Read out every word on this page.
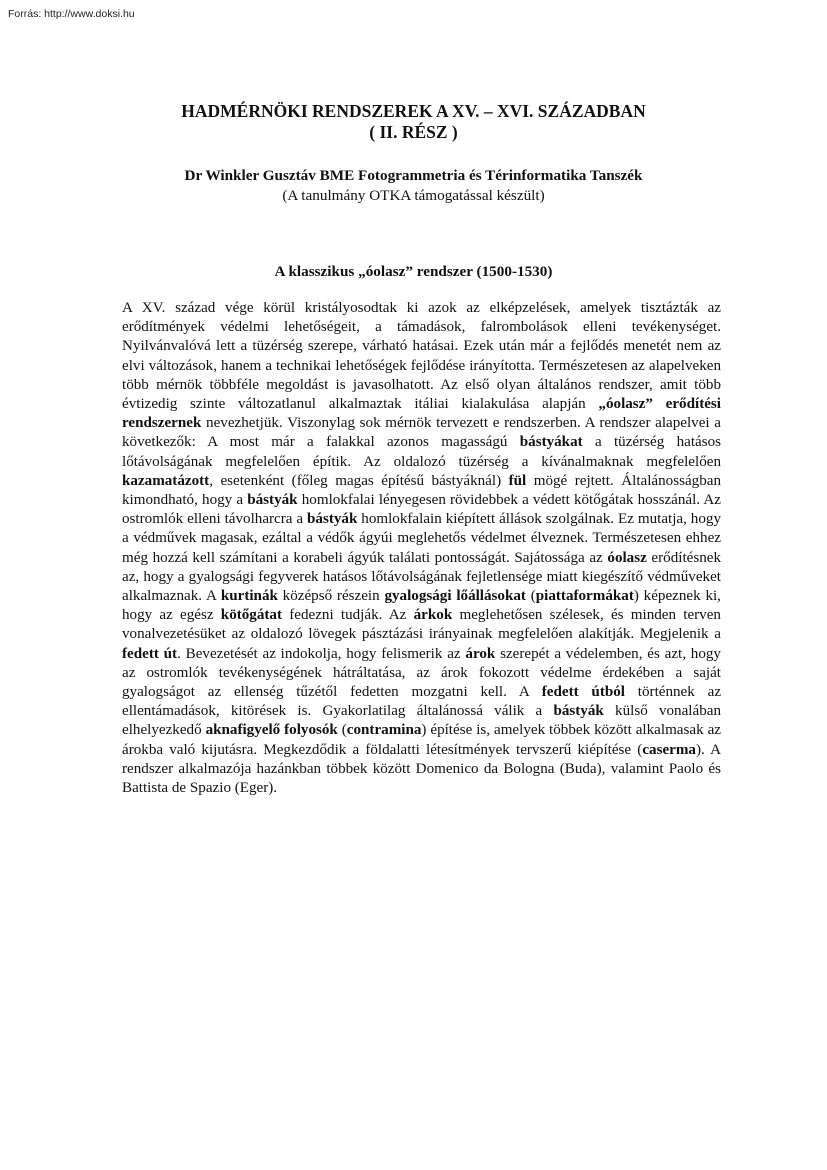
Forrás: http://www.doksi.hu
HADMÉRNÖKI RENDSZEREK A XV. – XVI. SZÁZADBAN
( II. RÉSZ )
Dr Winkler Gusztáv BME Fotogrammetria és Térinformatika Tanszék
(A tanulmány OTKA támogatással készült)
A klasszikus „óolasz” rendszer (1500-1530)

A XV. század vége körül kristályosodtak ki azok az elképzelések, amelyek tisztázták az erődítmények védelmi lehetőségeit, a támadások, falrombolások elleni tevékenységet. Nyilvánvalóvá lett a tüzérség szerepe, várható hatásai. Ezek után már a fejlődés menetét nem az elvi változások, hanem a technikai lehetőségek fejlődése irányította. Természetesen az alapelveken több mérnök többféle megoldást is javasolhatott. Az első olyan általános rendszer, amit több évtizedig szinte változatlanul alkalmaztak itáliai kialakulása alapján „óolasz” erődítési rendszernek nevezhetjük. Viszonylag sok mérnök tervezett e rendszerben. A rendszer alapelvei a következők: A most már a falakkal azonos magasságú bástyákat a tüzérség hatásos lőtávolságának megfelelően építik. Az oldalozó tüzérség a kívánalmaknak megfelelően kazamatázott, esetenként (főleg magas építésű bástyáknál) fül mögé rejtett. Általánosságban kimondható, hogy a bástyák homlokfalai lényegesen rövidebbek a védett kötőgátak hosszánál. Az ostromlók elleni távolharcra a bástyák homlokfalain kiépített állások szolgálnak. Ez mutatja, hogy a védművek magasak, ezáltal a védők ágyúi meglehetős védelmet élveznek. Természetesen ehhez még hozzá kell számítani a korabeli ágyúk találati pontosságát. Sajátossága az óolasz erődítésnek az, hogy a gyalogsági fegyverek hatásos lőtávolságának fejletlensége miatt kiegészítő védműveket alkalmaznak. A kurtinák középső részein gyalogsági lőállásokat (piattaformákat) képeznek ki, hogy az egész kötőgátat fedezni tudják. Az árkok meglehetősen szélesek, és minden terven vonalvezetésüket az oldalozó lövegek pásztázási irányainak megfelelően alakítják. Megjelenik a fedett út. Bevezetését az indokolja, hogy felismerik az árok szerepét a védelemben, és azt, hogy az ostromlók tevékenységének hátráltatása, az árok fokozott védelme érdekében a saját gyalogságot az ellenség tűzétől fedetten mozgatni kell. A fedett útból történnek az ellentámadások, kitörések is. Gyakorlatilag általánossá válik a bástyák külső vonalában elhelyezkedő aknafigyelő folyosók (contramina) építése is, amelyek többek között alkalmasak az árokba való kijutásra. Megkezdődik a földalatti létesítmények tervszerű kiépítése (caserma). A rendszer alkalmazója hazánkban többek között Domenico da Bologna (Buda), valamint Paolo és Battista de Spazio (Eger).
